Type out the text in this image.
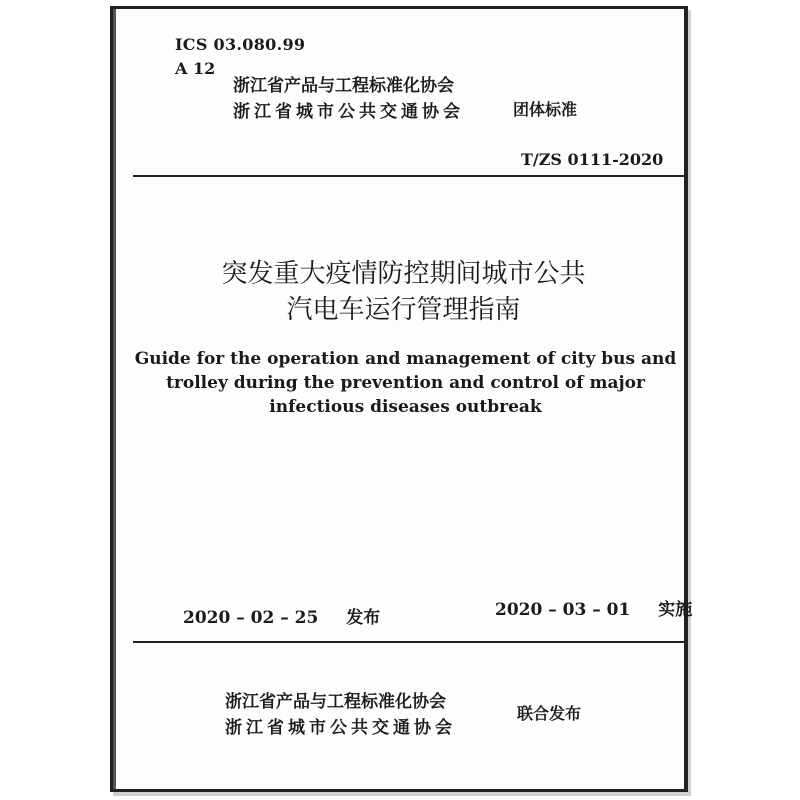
ICS 03.080.99
A 12
浙江省产品与工程标准化协会
浙江省城市公共交通协会	团体标准
T/ZS 0111-2020
突发重大疫情防控期间城市公共
汽电车运行管理指南
Guide for the operation and management of city bus and
trolley during the prevention and control of major
infectious diseases outbreak
2020 – 02 – 25 发布	2020 – 03 – 01 实施
浙江省产品与工程标准化协会
浙江省城市公共交通协会
联合发布
